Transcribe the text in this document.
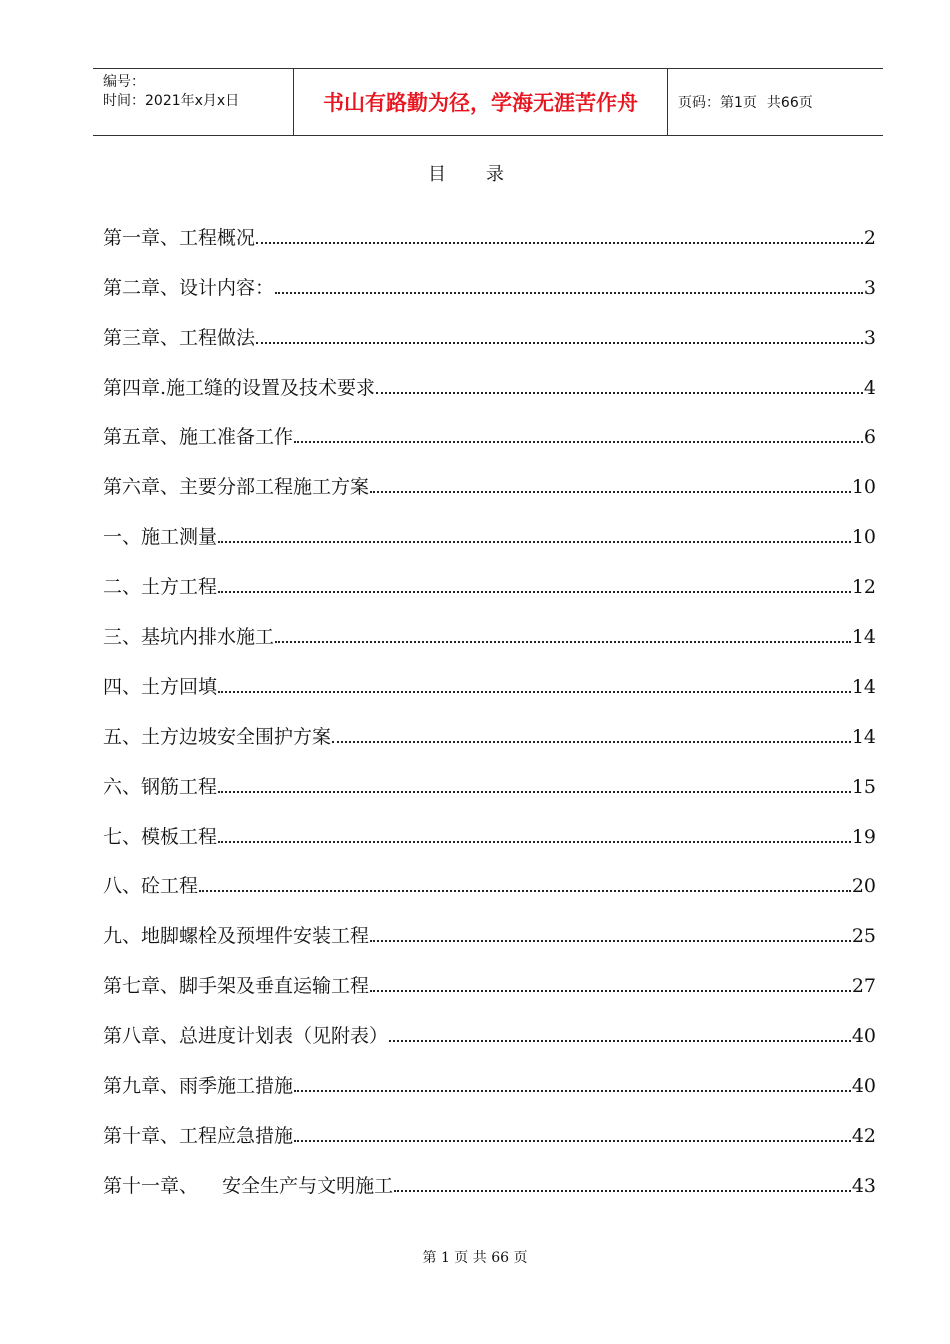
编号：
时间：2021年x月x日	书山有路勤为径，学海无涯苦作舟	页码：第1页 共66页
目录
第一章、工程概况	2
第二章、设计内容：	3
第三章、工程做法	3
第四章.施工缝的设置及技术要求	4
第五章、施工准备工作	6
第六章、主要分部工程施工方案	10
一、施工测量	10
二、土方工程	12
三、基坑内排水施工	14
四、土方回填	14
五、土方边坡安全围护方案	14
六、钢筋工程	15
七、模板工程	19
八、砼工程	20
九、地脚螺栓及预埋件安装工程	25
第七章、脚手架及垂直运输工程	27
第八章、总进度计划表（见附表）	40
第九章、雨季施工措施	40
第十章、工程应急措施	42
第十一章、    安全生产与文明施工	43
第 1 页 共 66 页
